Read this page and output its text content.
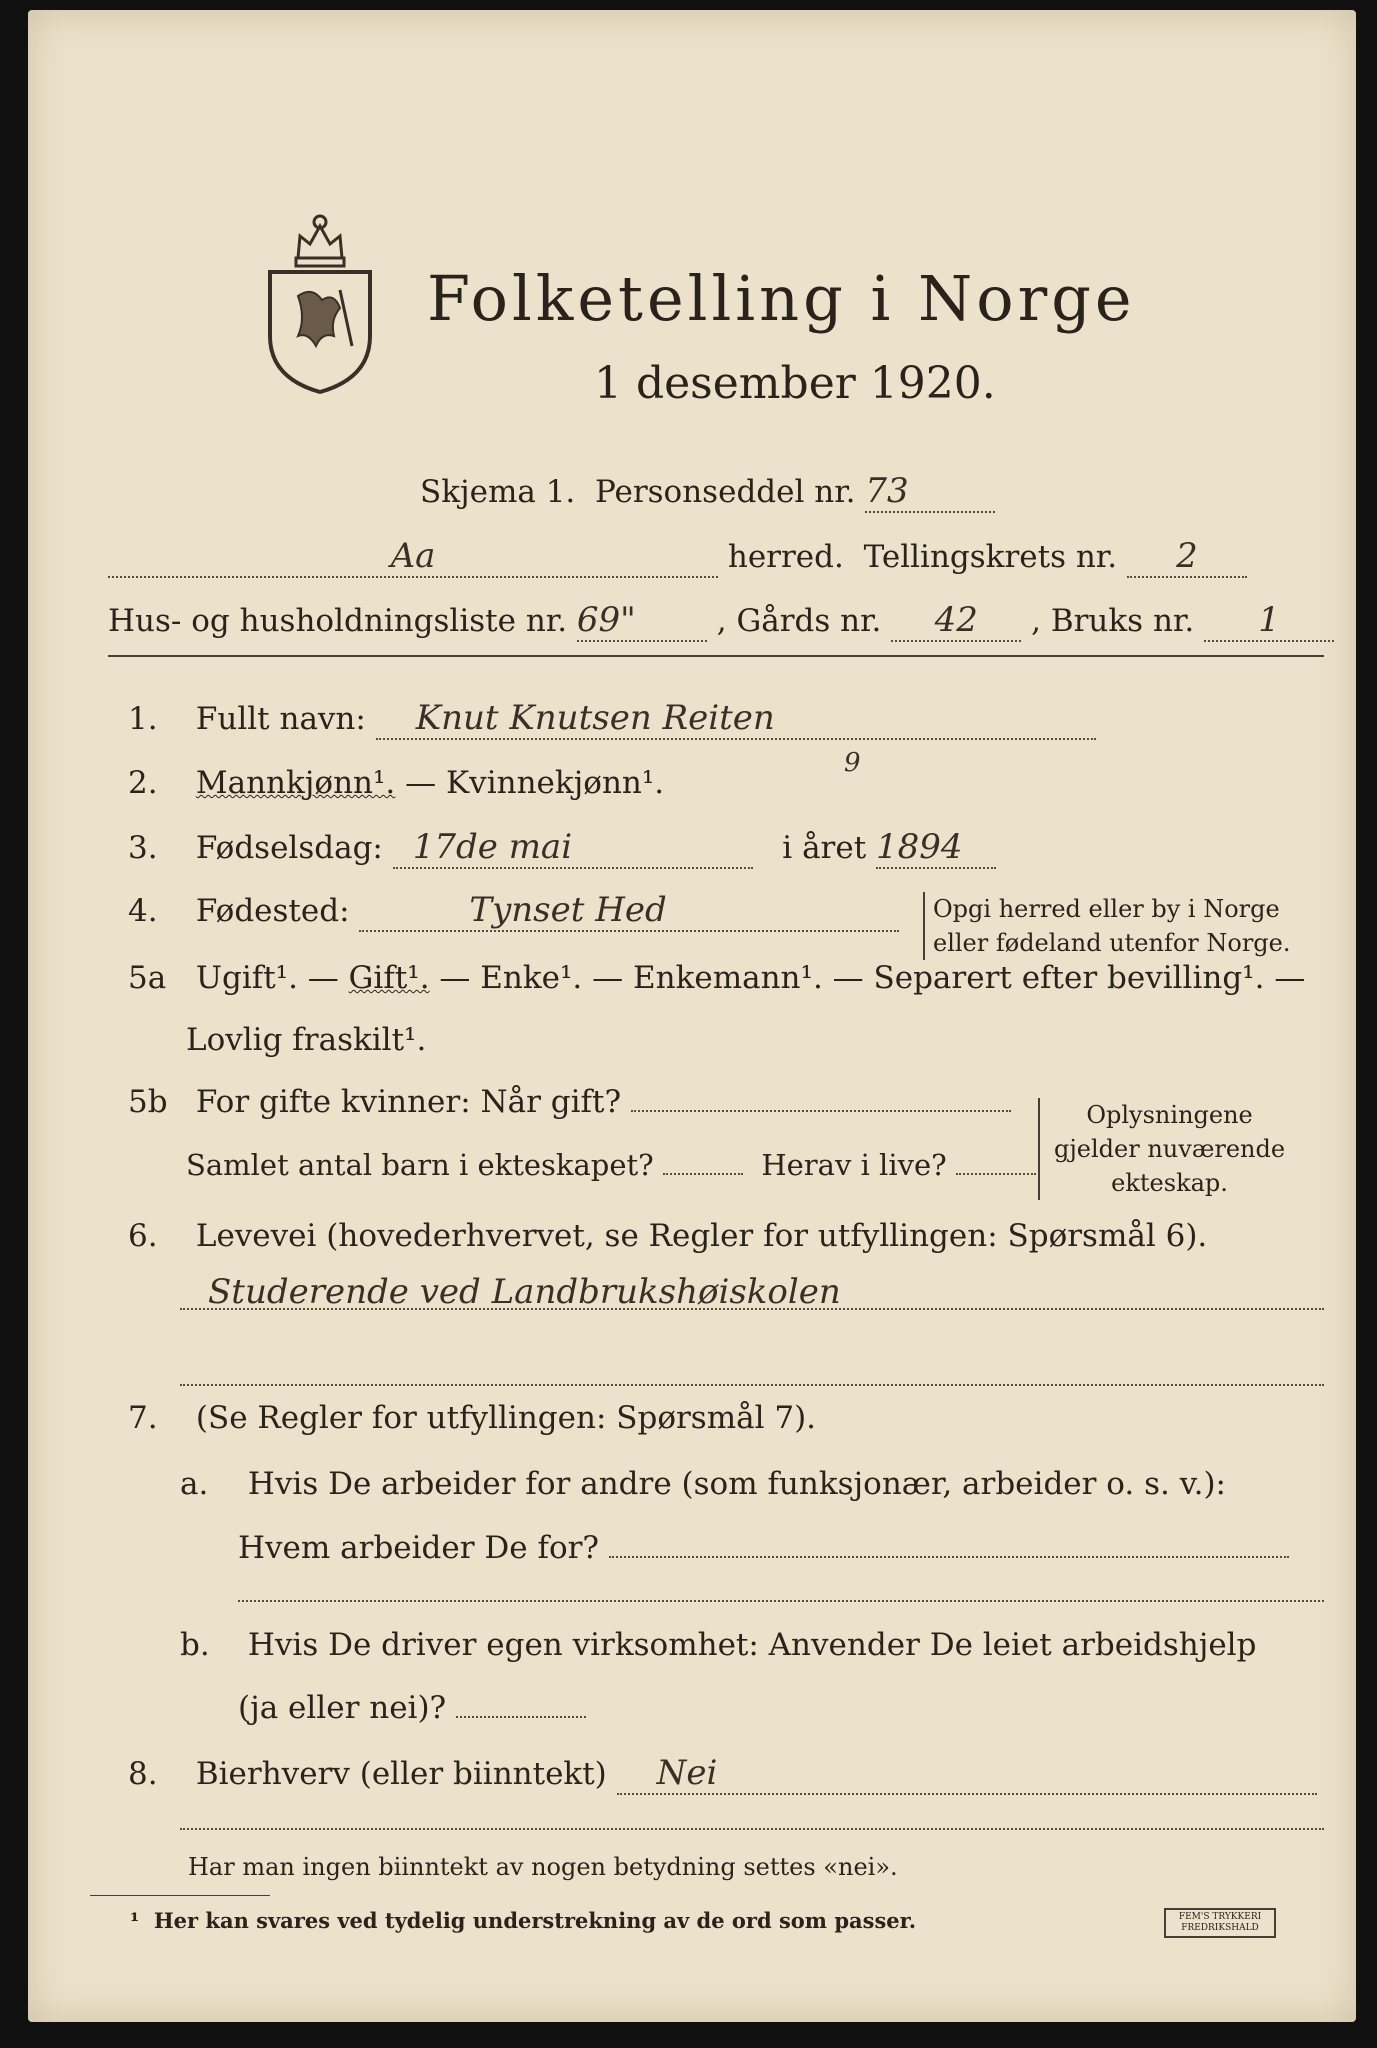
Folketelling i Norge
1 desember 1920.
Skjema 1. Personseddel nr. 73
Aa	herred. Tellingskrets nr. 2
Hus- og husholdningsliste nr. 69"	, Gårds nr. 42 , Bruks nr. 1
1. Fullt navn: Knut Knutsen Reiten
2. Mannkjønn¹. — Kvinnekjønn¹. $^9$
3. Fødselsdag: 17de mai	i året 1894
4. Fødested:	Tynset Hed	Opgi herred eller by i Norge
eller fødeland utenfor Norge.
5a Ugift¹. — Gift¹. — Enke¹. — Enkemann¹. — Separert efter bevilling¹. —
Lovlig fraskilt¹.
5b For gifte kvinner: Når gift?
Samlet antal barn i ekteskapet?	Herav i live?
Oplysningene
gjelder nuværende
ekteskap.
6. Levevei (hovederhvervet, se Regler for utfyllingen: Spørsmål 6).
Studerende ved Landbrukshøiskolen
7. (Se Regler for utfyllingen: Spørsmål 7).
a. Hvis De arbeider for andre (som funksjonær, arbeider o. s. v.):
Hvem arbeider De for?
b. Hvis De driver egen virksomhet: Anvender De leiet arbeidshjelp
(ja eller nei)?
8. Bierhverv (eller biinntekt) Nei
Har man ingen biinntekt av nogen betydning settes «nei».
¹ Her kan svares ved tydelig understrekning av de ord som passer.	FEM'S TRYKKERI
FREDRIKSHALD
